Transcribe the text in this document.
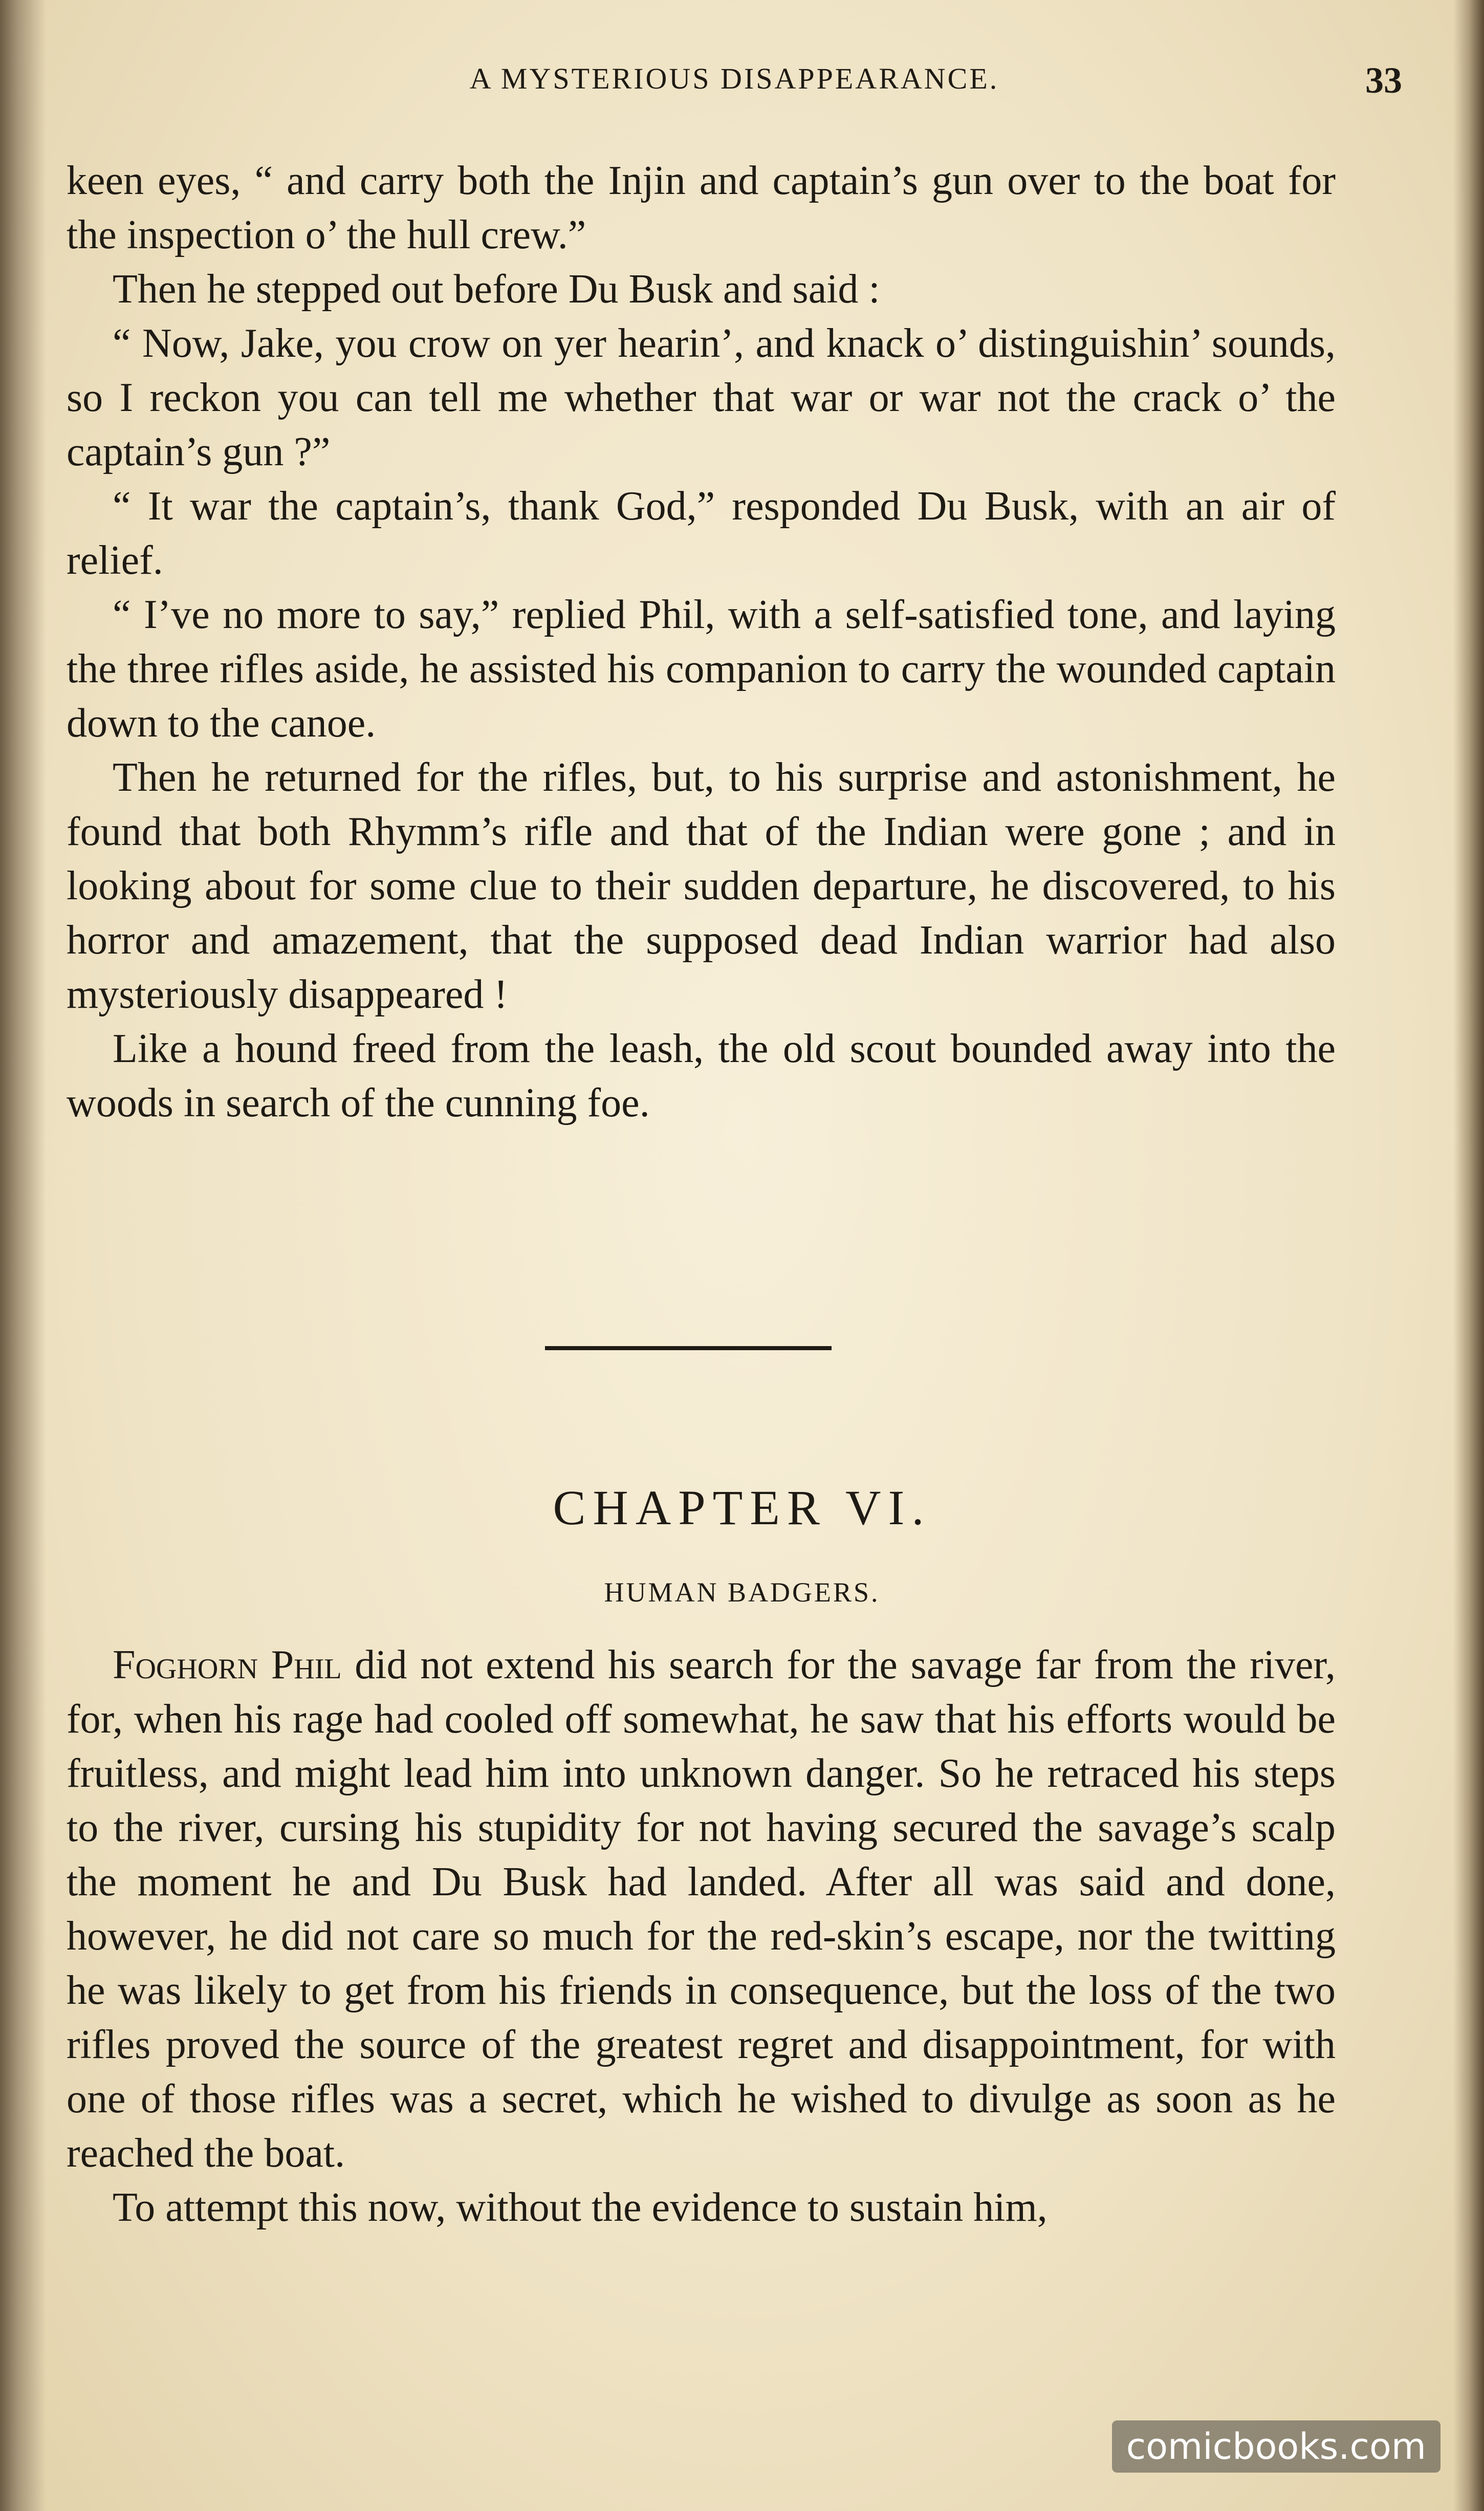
A MYSTERIOUS DISAPPEARANCE.	33

keen eyes, “ and carry both the Injin and captain’s gun over to the boat for the inspection o’ the hull crew.”

Then he stepped out before Du Busk and said :

“ Now, Jake, you crow on yer hearin’, and knack o’ distinguishin’ sounds, so I reckon you can tell me whether that war or war not the crack o’ the captain’s gun ?”

“ It war the captain’s, thank God,” responded Du Busk, with an air of relief.

“ I’ve no more to say,” replied Phil, with a self-satisfied tone, and laying the three rifles aside, he assisted his companion to carry the wounded captain down to the canoe.

Then he returned for the rifles, but, to his surprise and astonishment, he found that both Rhymm’s rifle and that of the Indian were gone ; and in looking about for some clue to their sudden departure, he discovered, to his horror and amazement, that the supposed dead Indian warrior had also mysteriously disappeared !

Like a hound freed from the leash, the old scout bounded away into the woods in search of the cunning foe.

CHAPTER VI.
HUMAN BADGERS.

Foghorn Phil did not extend his search for the savage far from the river, for, when his rage had cooled off somewhat, he saw that his efforts would be fruitless, and might lead him into unknown danger. So he retraced his steps to the river, cursing his stupidity for not having secured the savage’s scalp the moment he and Du Busk had landed. After all was said and done, however, he did not care so much for the red-skin’s escape, nor the twitting he was likely to get from his friends in consequence, but the loss of the two rifles proved the source of the greatest regret and disappointment, for with one of those rifles was a secret, which he wished to divulge as soon as he reached the boat.

To attempt this now, without the evidence to sustain him,

comicbooks.com
